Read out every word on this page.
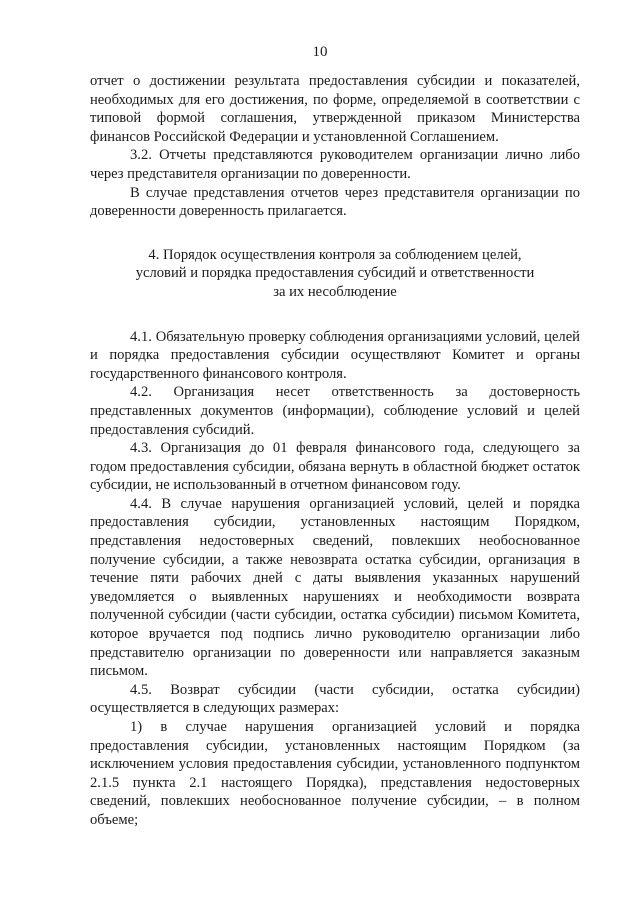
10

отчет о достижении результата предоставления субсидии и показателей, необходимых для его достижения, по форме, определяемой в соответствии с типовой формой соглашения, утвержденной приказом Министерства финансов Российской Федерации и установленной Соглашением.

3.2. Отчеты представляются руководителем организации лично либо через представителя организации по доверенности.

В случае представления отчетов через представителя организации по доверенности доверенность прилагается.

4. Порядок осуществления контроля за соблюдением целей,
условий и порядка предоставления субсидий и ответственности
за их несоблюдение

4.1. Обязательную проверку соблюдения организациями условий, целей и порядка предоставления субсидии осуществляют Комитет и органы государственного финансового контроля.

4.2. Организация несет ответственность за достоверность представленных документов (информации), соблюдение условий и целей предоставления субсидий.

4.3. Организация до 01 февраля финансового года, следующего за годом предоставления субсидии, обязана вернуть в областной бюджет остаток субсидии, не использованный в отчетном финансовом году.

4.4. В случае нарушения организацией условий, целей и порядка предоставления субсидии, установленных настоящим Порядком, представления недостоверных сведений, повлекших необоснованное получение субсидии, а также невозврата остатка субсидии, организация в течение пяти рабочих дней с даты выявления указанных нарушений уведомляется о выявленных нарушениях и необходимости возврата полученной субсидии (части субсидии, остатка субсидии) письмом Комитета, которое вручается под подпись лично руководителю организации либо представителю организации по доверенности или направляется заказным письмом.

4.5. Возврат субсидии (части субсидии, остатка субсидии) осуществляется в следующих размерах:

1) в случае нарушения организацией условий и порядка предоставления субсидии, установленных настоящим Порядком (за исключением условия предоставления субсидии, установленного подпунктом 2.1.5 пункта 2.1 настоящего Порядка), представления недостоверных сведений, повлекших необоснованное получение субсидии, – в полном объеме;
